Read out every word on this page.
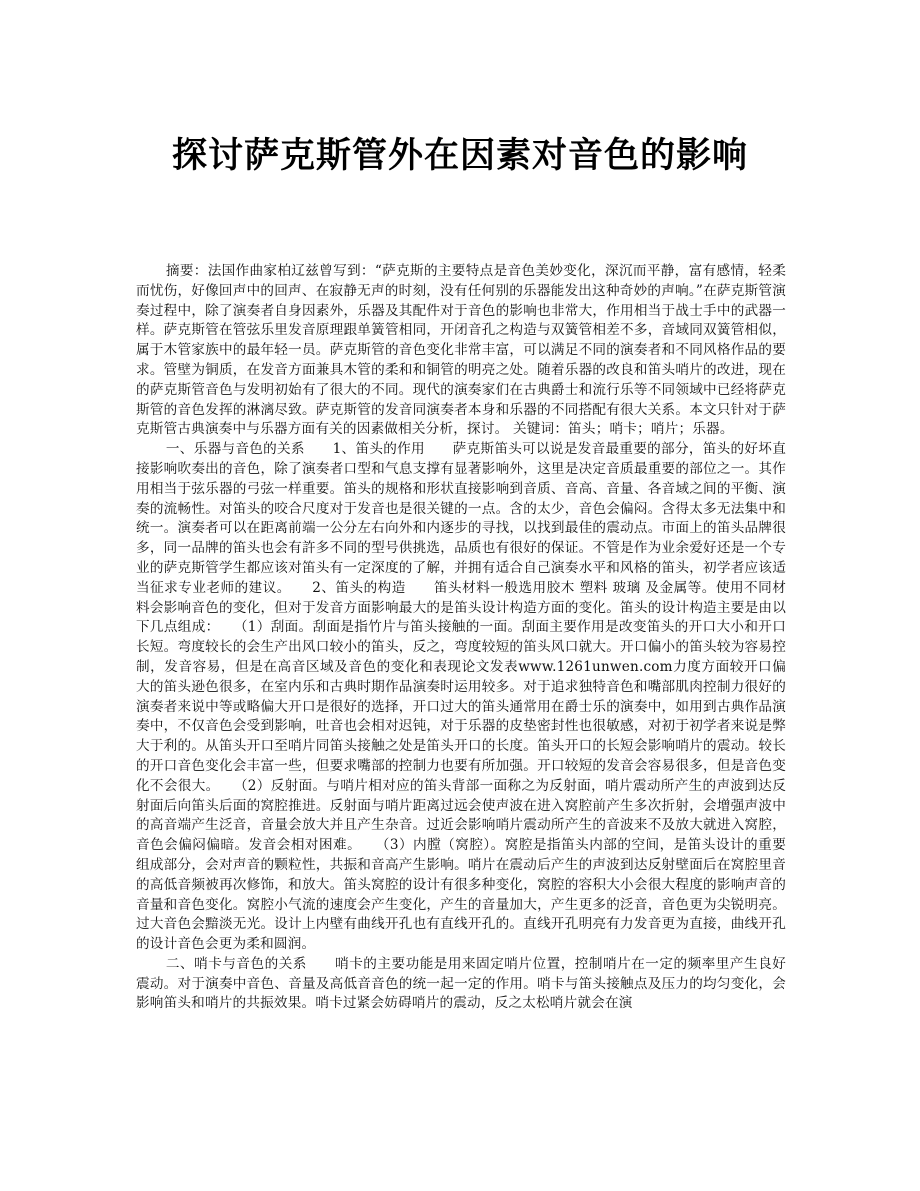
探讨萨克斯管外在因素对音色的影响

摘要：法国作曲家柏辽兹曾写到：“萨克斯的主要特点是音色美妙变化，深沉而平静，富有感情，轻柔而忧伤，好像回声中的回声、在寂静无声的时刻，没有任何别的乐器能发出这种奇妙的声响。”在萨克斯管演奏过程中，除了演奏者自身因素外，乐器及其配件对于音色的影响也非常大，作用相当于战士手中的武器一样。萨克斯管在管弦乐里发音原理跟单簧管相同，开闭音孔之构造与双簧管相差不多，音域同双簧管相似，属于木管家族中的最年轻一员。萨克斯管的音色变化非常丰富，可以满足不同的演奏者和不同风格作品的要求。管壁为铜质，在发音方面兼具木管的柔和和铜管的明亮之处。随着乐器的改良和笛头哨片的改进，现在的萨克斯管音色与发明初始有了很大的不同。现代的演奏家们在古典爵士和流行乐等不同领域中已经将萨克斯管的音色发挥的淋漓尽致。萨克斯管的发音同演奏者本身和乐器的不同搭配有很大关系。本文只针对于萨克斯管古典演奏中与乐器方面有关的因素做相关分析，探讨。 关键词：笛头；哨卡；哨片；乐器。

一、乐器与音色的关系　　1、笛头的作用　　萨克斯笛头可以说是发音最重要的部分，笛头的好坏直接影响吹奏出的音色，除了演奏者口型和气息支撑有显著影响外，这里是决定音质最重要的部位之一。其作用相当于弦乐器的弓弦一样重要。笛头的规格和形状直接影响到音质、音高、音量、各音域之间的平衡、演奏的流畅性。对笛头的咬合尺度对于发音也是很关键的一点。含的太少，音色会偏闷。含得太多无法集中和统一。演奏者可以在距离前端一公分左右向外和内逐步的寻找，以找到最佳的震动点。市面上的笛头品牌很多，同一品牌的笛头也会有許多不同的型号供挑选，品质也有很好的保证。不管是作为业余爱好还是一个专业的萨克斯管学生都应该对笛头有一定深度的了解，并拥有适合自己演奏水平和风格的笛头，初学者应该适当征求专业老师的建议。　　2、笛头的构造　　笛头材料一般选用胶木 塑料 玻璃 及金属等。使用不同材料会影响音色的变化，但对于发音方面影响最大的是笛头设计构造方面的变化。笛头的设计构造主要是由以下几点组成：　　（1）刮面。刮面是指竹片与笛头接触的一面。刮面主要作用是改变笛头的开口大小和开口长短。弯度较长的会生产出风口较小的笛头，反之，弯度较短的笛头风口就大。开口偏小的笛头较为容易控制，发音容易，但是在高音区域及音色的变化和表现论文发表www.1261unwen.com力度方面较开口偏大的笛头逊色很多，在室内乐和古典时期作品演奏时运用较多。对于追求独特音色和嘴部肌肉控制力很好的演奏者来说中等或略偏大开口是很好的选择，开口过大的笛头通常用在爵士乐的演奏中，如用到古典作品演奏中，不仅音色会受到影响，吐音也会相对迟钝，对于乐器的皮垫密封性也很敏感，对初于初学者来说是弊大于利的。从笛头开口至哨片同笛头接触之处是笛头开口的长度。笛头开口的长短会影响哨片的震动。较长的开口音色变化会丰富一些，但要求嘴部的控制力也要有所加强。开口较短的发音会容易很多，但是音色变化不会很大。　　（2）反射面。与哨片相对应的笛头背部一面称之为反射面，哨片震动所产生的声波到达反射面后向笛头后面的窝腔推进。反射面与哨片距离过远会使声波在进入窝腔前产生多次折射，会增强声波中的高音端产生泛音，音量会放大并且产生杂音。过近会影响哨片震动所产生的音波来不及放大就进入窝腔，音色会偏闷偏暗。发音会相对困难。　　（3）内膛（窝腔）。窝腔是指笛头内部的空间，是笛头设计的重要组成部分，会对声音的颗粒性，共振和音高产生影响。哨片在震动后产生的声波到达反射壁面后在窝腔里音的高低音频被再次修饰，和放大。笛头窝腔的设计有很多种变化，窝腔的容积大小会很大程度的影响声音的音量和音色变化。窝腔小气流的速度会产生变化，产生的音量加大，产生更多的泛音，音色更为尖锐明亮。过大音色会黯淡无光。设计上内壁有曲线开孔也有直线开孔的。直线开孔明亮有力发音更为直接，曲线开孔的设计音色会更为柔和圆润。

二、哨卡与音色的关系　　哨卡的主要功能是用来固定哨片位置，控制哨片在一定的频率里产生良好震动。对于演奏中音色、音量及高低音音色的统一起一定的作用。哨卡与笛头接触点及压力的均匀变化，会影响笛头和哨片的共振效果。哨卡过紧会妨碍哨片的震动，反之太松哨片就会在演
